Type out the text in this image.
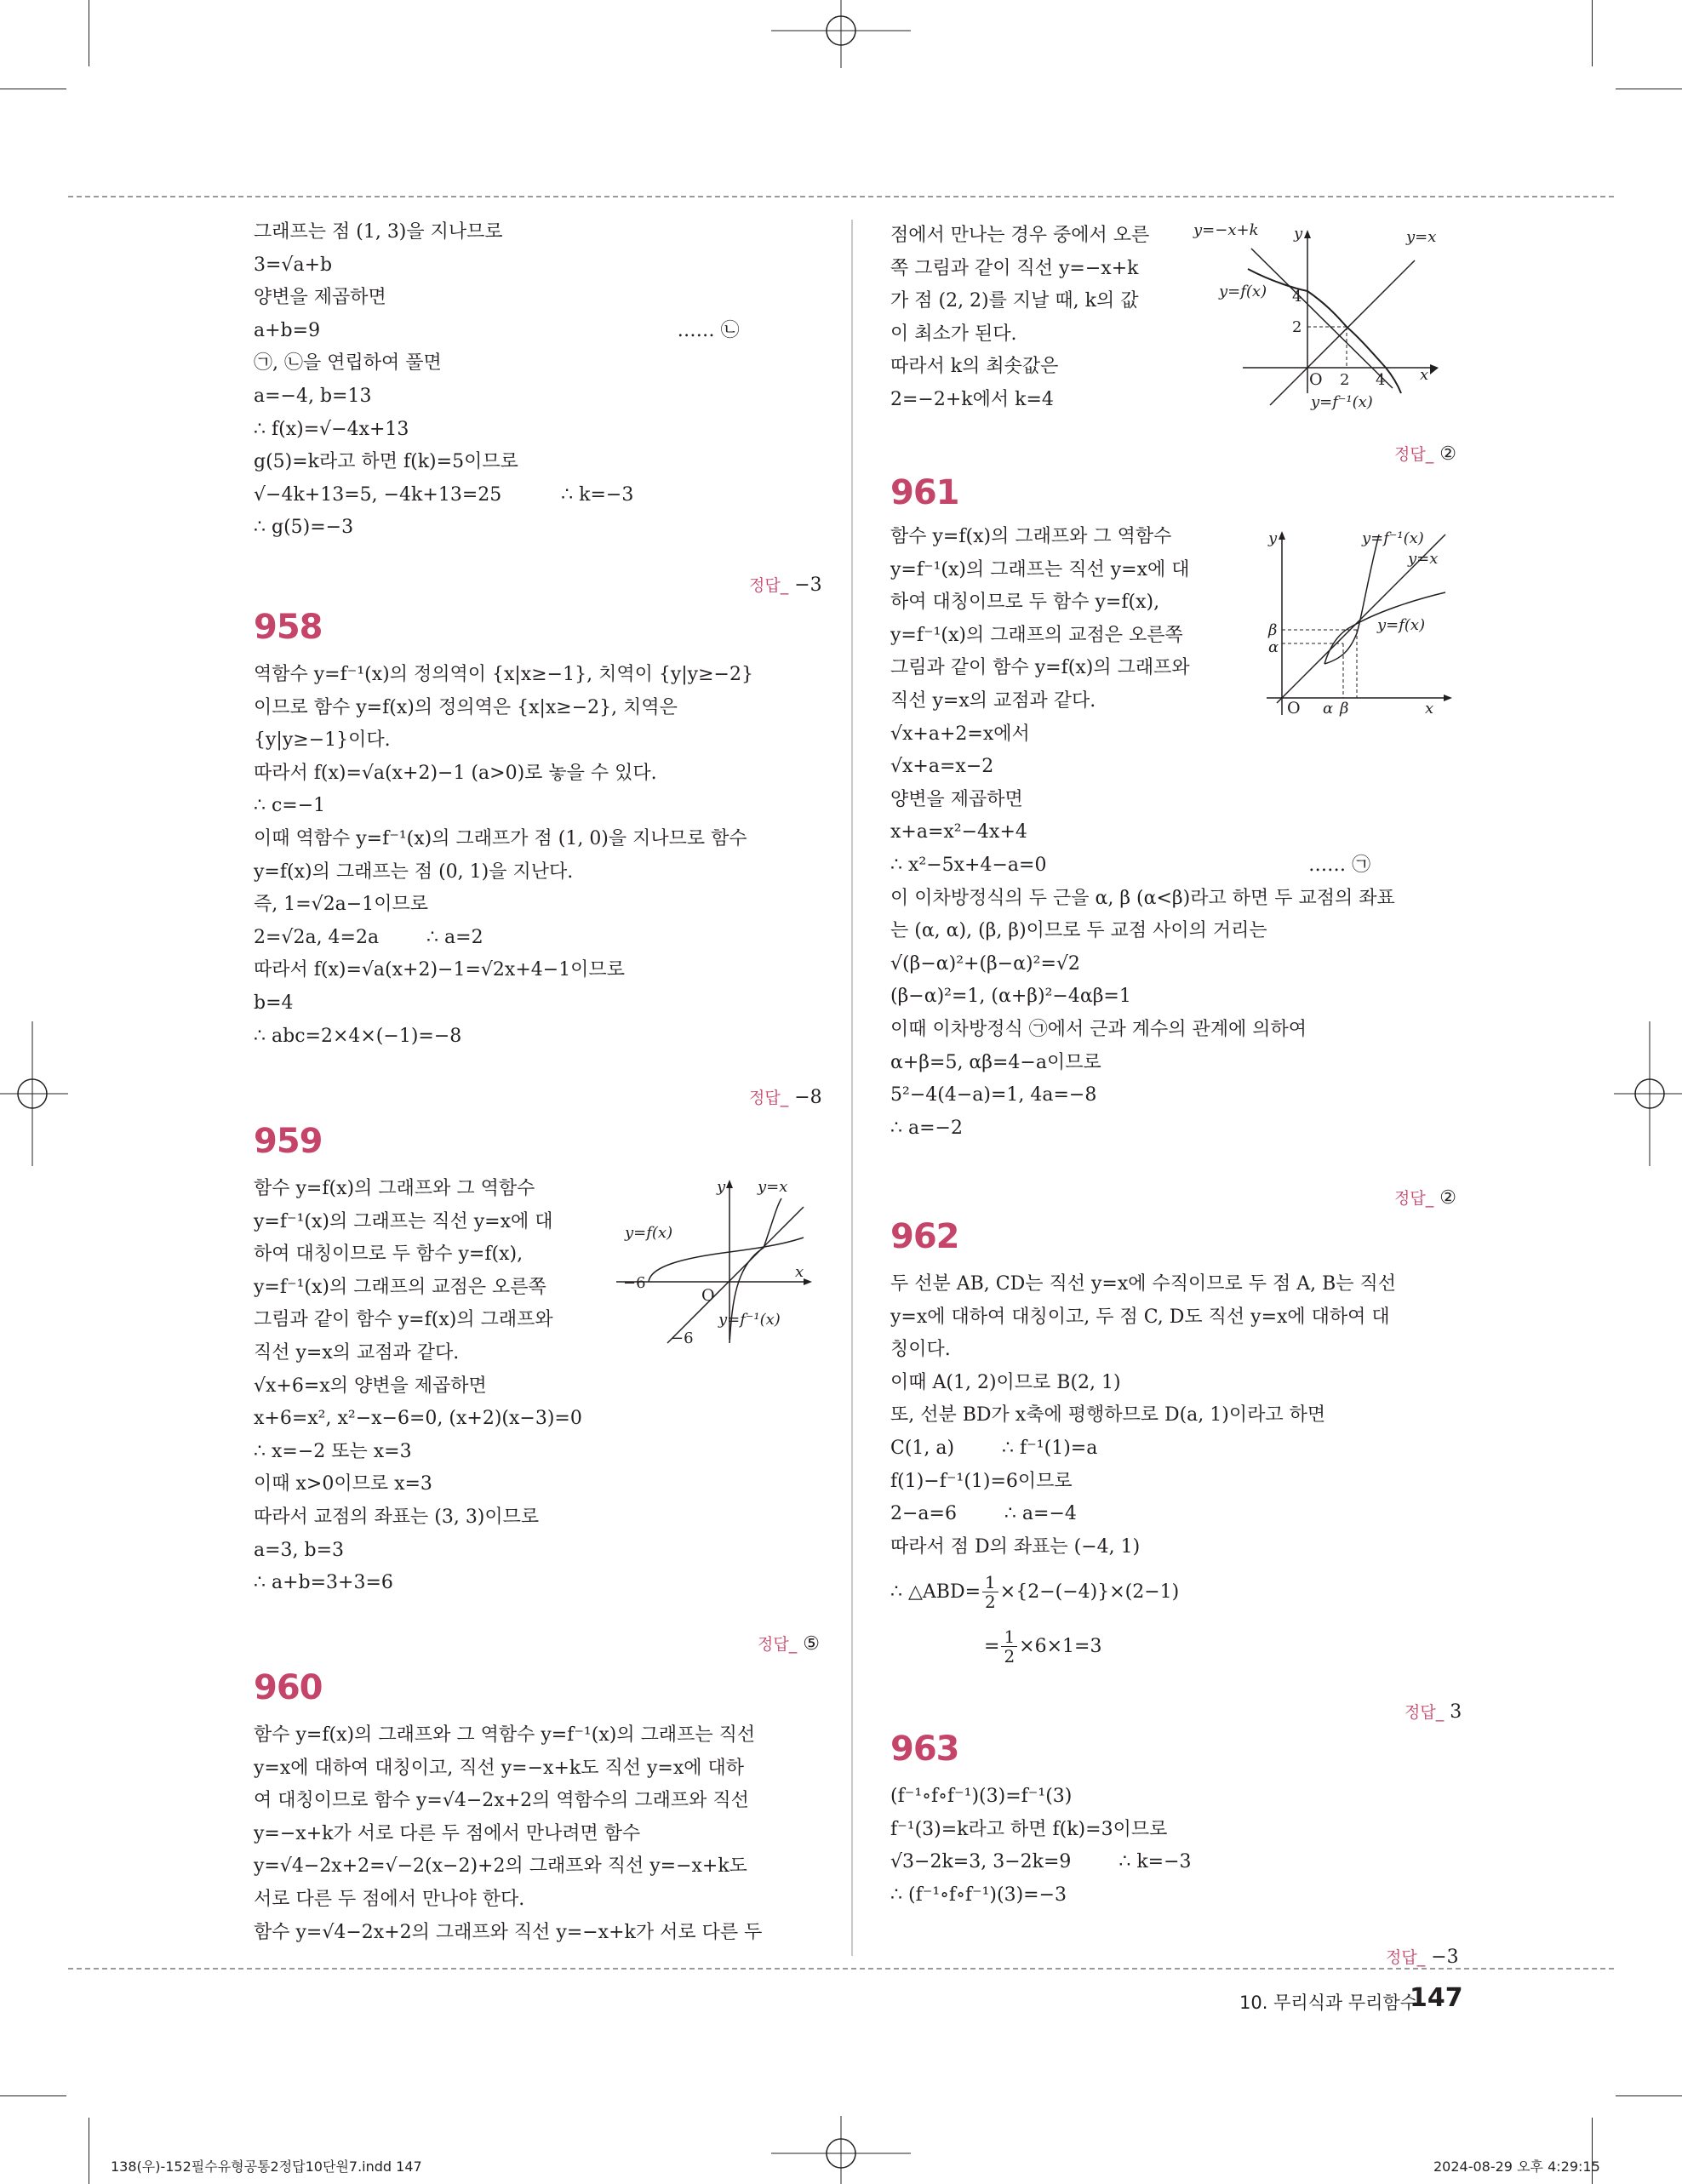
그래프는 점 (1, 3)을 지나므로
3=√a+b
양변을 제곱하면
a+b=9                                                            …… ㉡
㉠, ㉡을 연립하여 풀면
a=−4, b=13
∴ f(x)=√−4x+13
g(5)=k라고 하면 f(k)=5이므로
√−4k+13=5, −4k+13=25          ∴ k=−3
∴ g(5)=−3

정답_ −3

958
역함수 y=f⁻¹(x)의 정의역이 {x|x≥−1}, 치역이 {y|y≥−2}
이므로 함수 y=f(x)의 정의역은 {x|x≥−2}, 치역은
{y|y≥−1}이다.
따라서 f(x)=√a(x+2)−1 (a>0)로 놓을 수 있다.
∴ c=−1
이때 역함수 y=f⁻¹(x)의 그래프가 점 (1, 0)을 지나므로 함수
y=f(x)의 그래프는 점 (0, 1)을 지난다.
즉, 1=√2a−1이므로
2=√2a, 4=2a        ∴ a=2
따라서 f(x)=√a(x+2)−1=√2x+4−1이므로
b=4
∴ abc=2×4×(−1)=−8

정답_ −8

959
함수 y=f(x)의 그래프와 그 역함수
y=f⁻¹(x)의 그래프는 직선 y=x에 대
하여 대칭이므로 두 함수 y=f(x),
y=f⁻¹(x)의 그래프의 교점은 오른쪽
그림과 같이 함수 y=f(x)의 그래프와
직선 y=x의 교점과 같다.
√x+6=x의 양변을 제곱하면
x+6=x², x²−x−6=0, (x+2)(x−3)=0
∴ x=−2 또는 x=3
이때 x>0이므로 x=3
따라서 교점의 좌표는 (3, 3)이므로
a=3, b=3
∴ a+b=3+3=6
y y=x
y=f(x)
−6
O
x
y=f⁻¹(x)
−6

정답_ ⑤

960
함수 y=f(x)의 그래프와 그 역함수 y=f⁻¹(x)의 그래프는 직선
y=x에 대하여 대칭이고, 직선 y=−x+k도 직선 y=x에 대하
여 대칭이므로 함수 y=√4−2x+2의 역함수의 그래프와 직선
y=−x+k가 서로 다른 두 점에서 만나려면 함수
y=√4−2x+2=√−2(x−2)+2의 그래프와 직선 y=−x+k도
서로 다른 두 점에서 만나야 한다.
함수 y=√4−2x+2의 그래프와 직선 y=−x+k가 서로 다른 두
점에서 만나는 경우 중에서 오른
쪽 그림과 같이 직선 y=−x+k
가 점 (2, 2)를 지날 때, k의 값
이 최소가 된다.
따라서 k의 최솟값은
2=−2+k에서 k=4
y=−x+k y	y=x
y=f(x) 4
2
O 2 4 x
y=f⁻¹(x)

정답_ ②

961
함수 y=f(x)의 그래프와 그 역함수
y=f⁻¹(x)의 그래프는 직선 y=x에 대
하여 대칭이므로 두 함수 y=f(x),
y=f⁻¹(x)의 그래프의 교점은 오른쪽
그림과 같이 함수 y=f(x)의 그래프와
직선 y=x의 교점과 같다.
√x+a+2=x에서
√x+a=x−2
양변을 제곱하면
x+a=x²−4x+4
∴ x²−5x+4−a=0                                            …… ㉠
이 이차방정식의 두 근을 α, β (α<β)라고 하면 두 교점의 좌표
는 (α, α), (β, β)이므로 두 교점 사이의 거리는
√(β−α)²+(β−α)²=√2
(β−α)²=1, (α+β)²−4αβ=1
이때 이차방정식 ㉠에서 근과 계수의 관계에 의하여
α+β=5, αβ=4−a이므로
5²−4(4−a)=1, 4a=−8
∴ a=−2
y	y=f⁻¹(x)
y=x
y=f(x)
β
α
O α β	x

정답_ ②

962
두 선분 AB, CD는 직선 y=x에 수직이므로 두 점 A, B는 직선
y=x에 대하여 대칭이고, 두 점 C, D도 직선 y=x에 대하여 대
칭이다.
이때 A(1, 2)이므로 B(2, 1)
또, 선분 BD가 x축에 평행하므로 D(a, 1)이라고 하면
C(1, a)        ∴ f⁻¹(1)=a
f(1)−f⁻¹(1)=6이므로
2−a=6        ∴ a=−4
따라서 점 D의 좌표는 (−4, 1)
∴ △ABD= $\frac{1}{2} \times\{2-(-4)\}\times(2-1)$
= $\frac{1}{2} \times 6\times 1=3$

정답_ 3

963
(f⁻¹∘f∘f⁻¹)(3)=f⁻¹(3)
f⁻¹(3)=k라고 하면 f(k)=3이므로
√3−2k=3, 3−2k=9        ∴ k=−3
∴ (f⁻¹∘f∘f⁻¹)(3)=−3

정답_ −3

10. 무리식과 무리함수
147
138(우)-152필수유형공통2정답10단원7.indd 147	2024-08-29 오후 4:29:15
